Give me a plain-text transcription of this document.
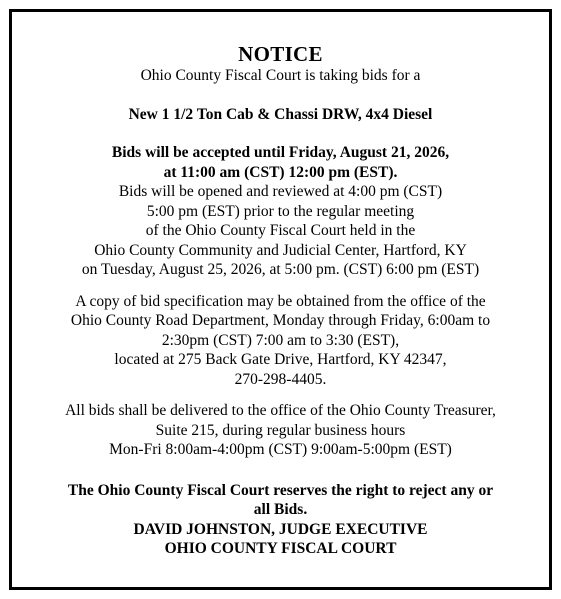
NOTICE
Ohio County Fiscal Court is taking bids for a
New 1 1/2 Ton Cab & Chassi DRW, 4x4 Diesel
Bids will be accepted until Friday, August 21, 2026,
at 11:00 am (CST) 12:00 pm (EST).
Bids will be opened and reviewed at 4:00 pm (CST)
5:00 pm (EST) prior to the regular meeting
of the Ohio County Fiscal Court held in the
Ohio County Community and Judicial Center, Hartford, KY
on Tuesday, August 25, 2026, at 5:00 pm. (CST) 6:00 pm (EST)
A copy of bid specification may be obtained from the office of the
Ohio County Road Department, Monday through Friday, 6:00am to
2:30pm (CST) 7:00 am to 3:30 (EST),
located at 275 Back Gate Drive, Hartford, KY 42347,
270-298-4405.
All bids shall be delivered to the office of the Ohio County Treasurer,
Suite 215, during regular business hours
Mon-Fri 8:00am-4:00pm (CST) 9:00am-5:00pm (EST)
The Ohio County Fiscal Court reserves the right to reject any or
all Bids.
DAVID JOHNSTON, JUDGE EXECUTIVE
OHIO COUNTY FISCAL COURT
